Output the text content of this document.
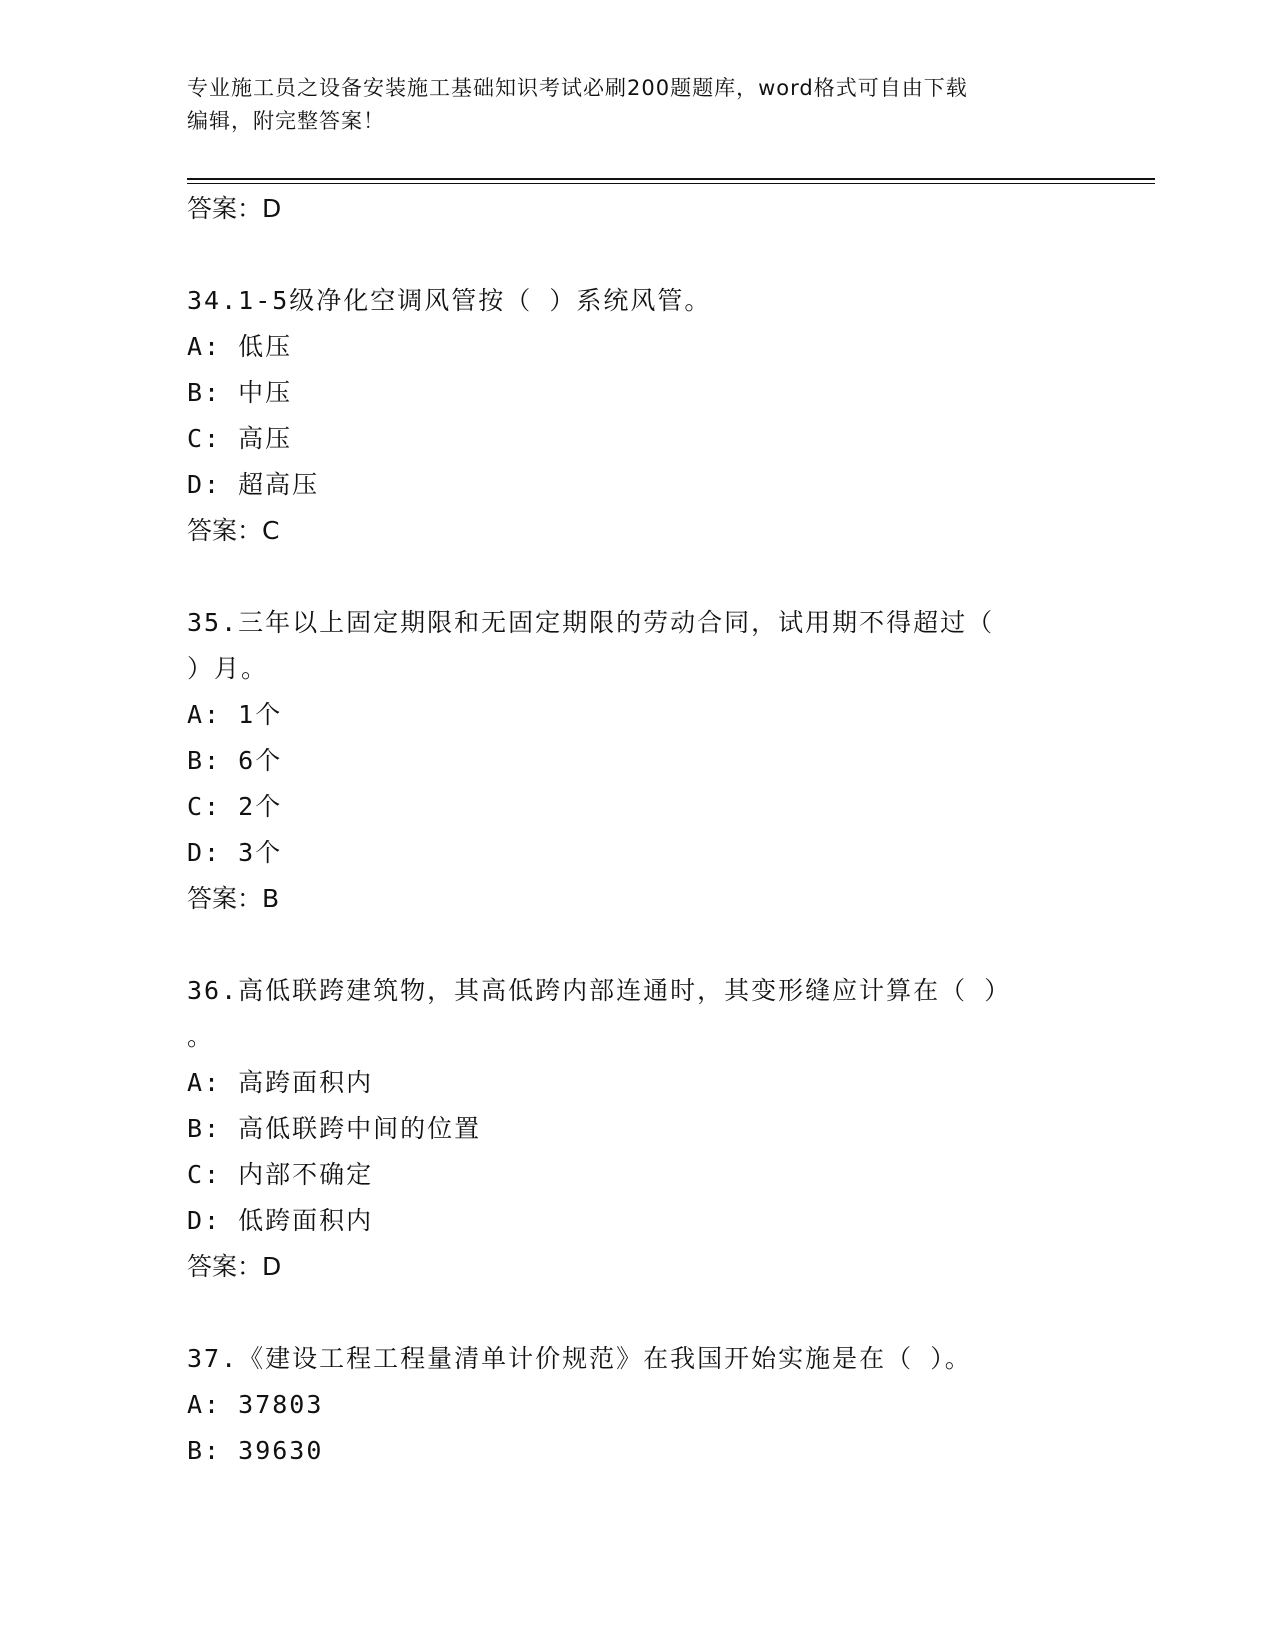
专业施工员之设备安装施工基础知识考试必刷200题题库，word格式可自由下载
编辑，附完整答案！
答案：D
34.1-5级净化空调风管按（ ）系统风管。
A: 低压
B: 中压
C: 高压
D: 超高压
答案：C
35.三年以上固定期限和无固定期限的劳动合同，试用期不得超过（
）月。
A: 1个
B: 6个
C: 2个
D: 3个
答案：B
36.高低联跨建筑物，其高低跨内部连通时，其变形缝应计算在（ ）
。
A: 高跨面积内
B: 高低联跨中间的位置
C: 内部不确定
D: 低跨面积内
答案：D
37.《建设工程工程量清单计价规范》在我国开始实施是在（ ）。
A: 37803
B: 39630
